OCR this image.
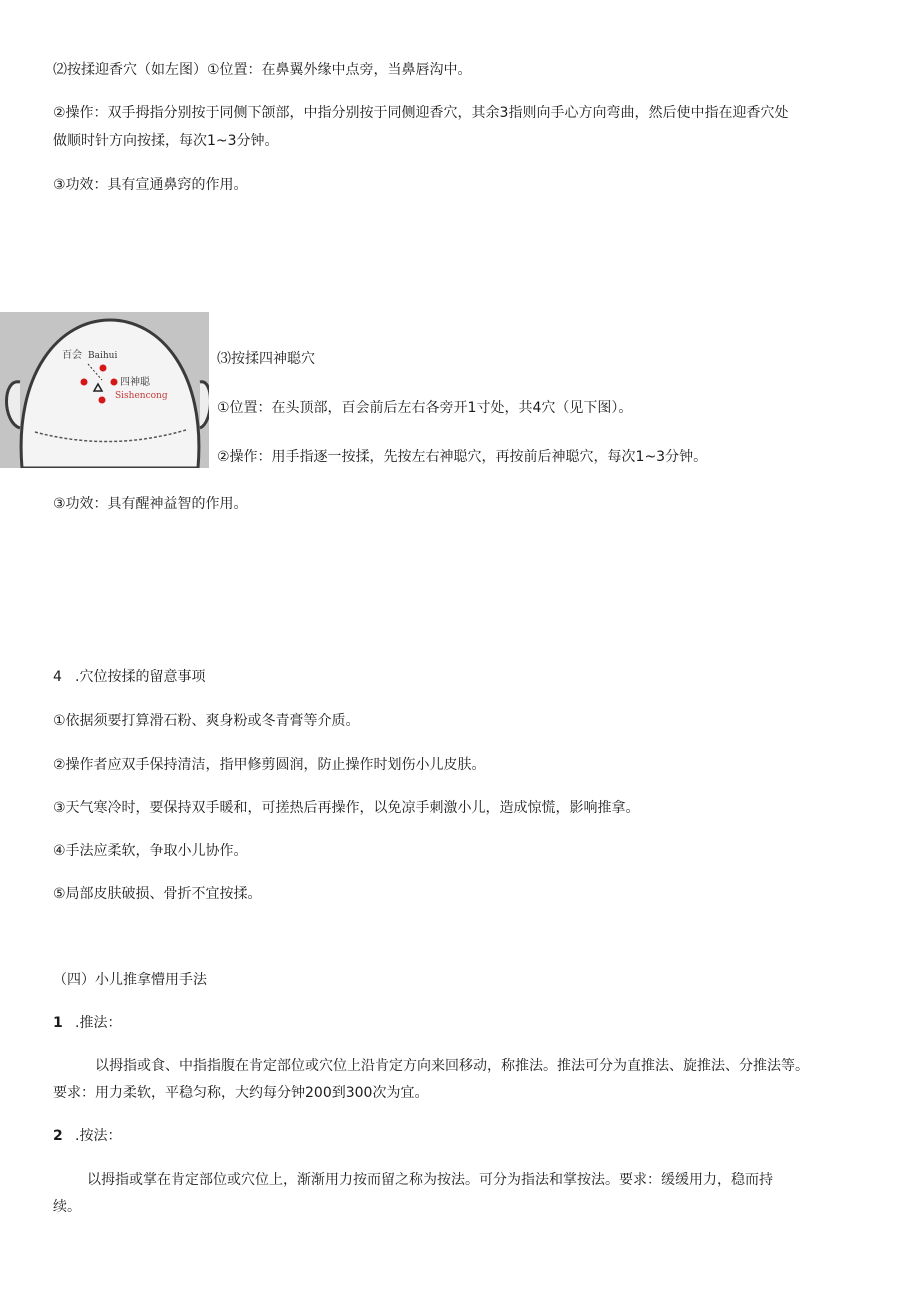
⑵按揉迎香穴（如左图）①位置：在鼻翼外缘中点旁，当鼻唇沟中。
②操作：双手拇指分别按于同侧下颌部，中指分别按于同侧迎香穴，其余3指则向手心方向弯曲，然后使中指在迎香穴处
做顺时针方向按揉，每次1~3分钟。
③功效：具有宣通鼻窍的作用。
百会 Baihui
四神聪
Sishencong
⑶按揉四神聪穴
①位置：在头顶部，百会前后左右各旁开1寸处，共4穴（见下图）。
②操作：用手指逐一按揉，先按左右神聪穴，再按前后神聪穴，每次1~3分钟。
③功效：具有醒神益智的作用。
4 .穴位按揉的留意事项
①依据须要打算滑石粉、爽身粉或冬青膏等介质。
②操作者应双手保持清洁，指甲修剪圆润，防止操作时划伤小儿皮肤。
③天气寒冷时，要保持双手暖和，可搓热后再操作，以免凉手刺激小儿，造成惊慌，影响推拿。
④手法应柔软，争取小儿协作。
⑤局部皮肤破损、骨折不宜按揉。
（四）小儿推拿懵用手法
1 .推法：
以拇指或食、中指指腹在肯定部位或穴位上沿肯定方向来回移动，称推法。推法可分为直推法、旋推法、分推法等。
要求：用力柔软，平稳匀称，大约每分钟200到300次为宜。
2 .按法：
以拇指或掌在肯定部位或穴位上，渐渐用力按而留之称为按法。可分为指法和掌按法。要求：缓缓用力，稳而持
续。
